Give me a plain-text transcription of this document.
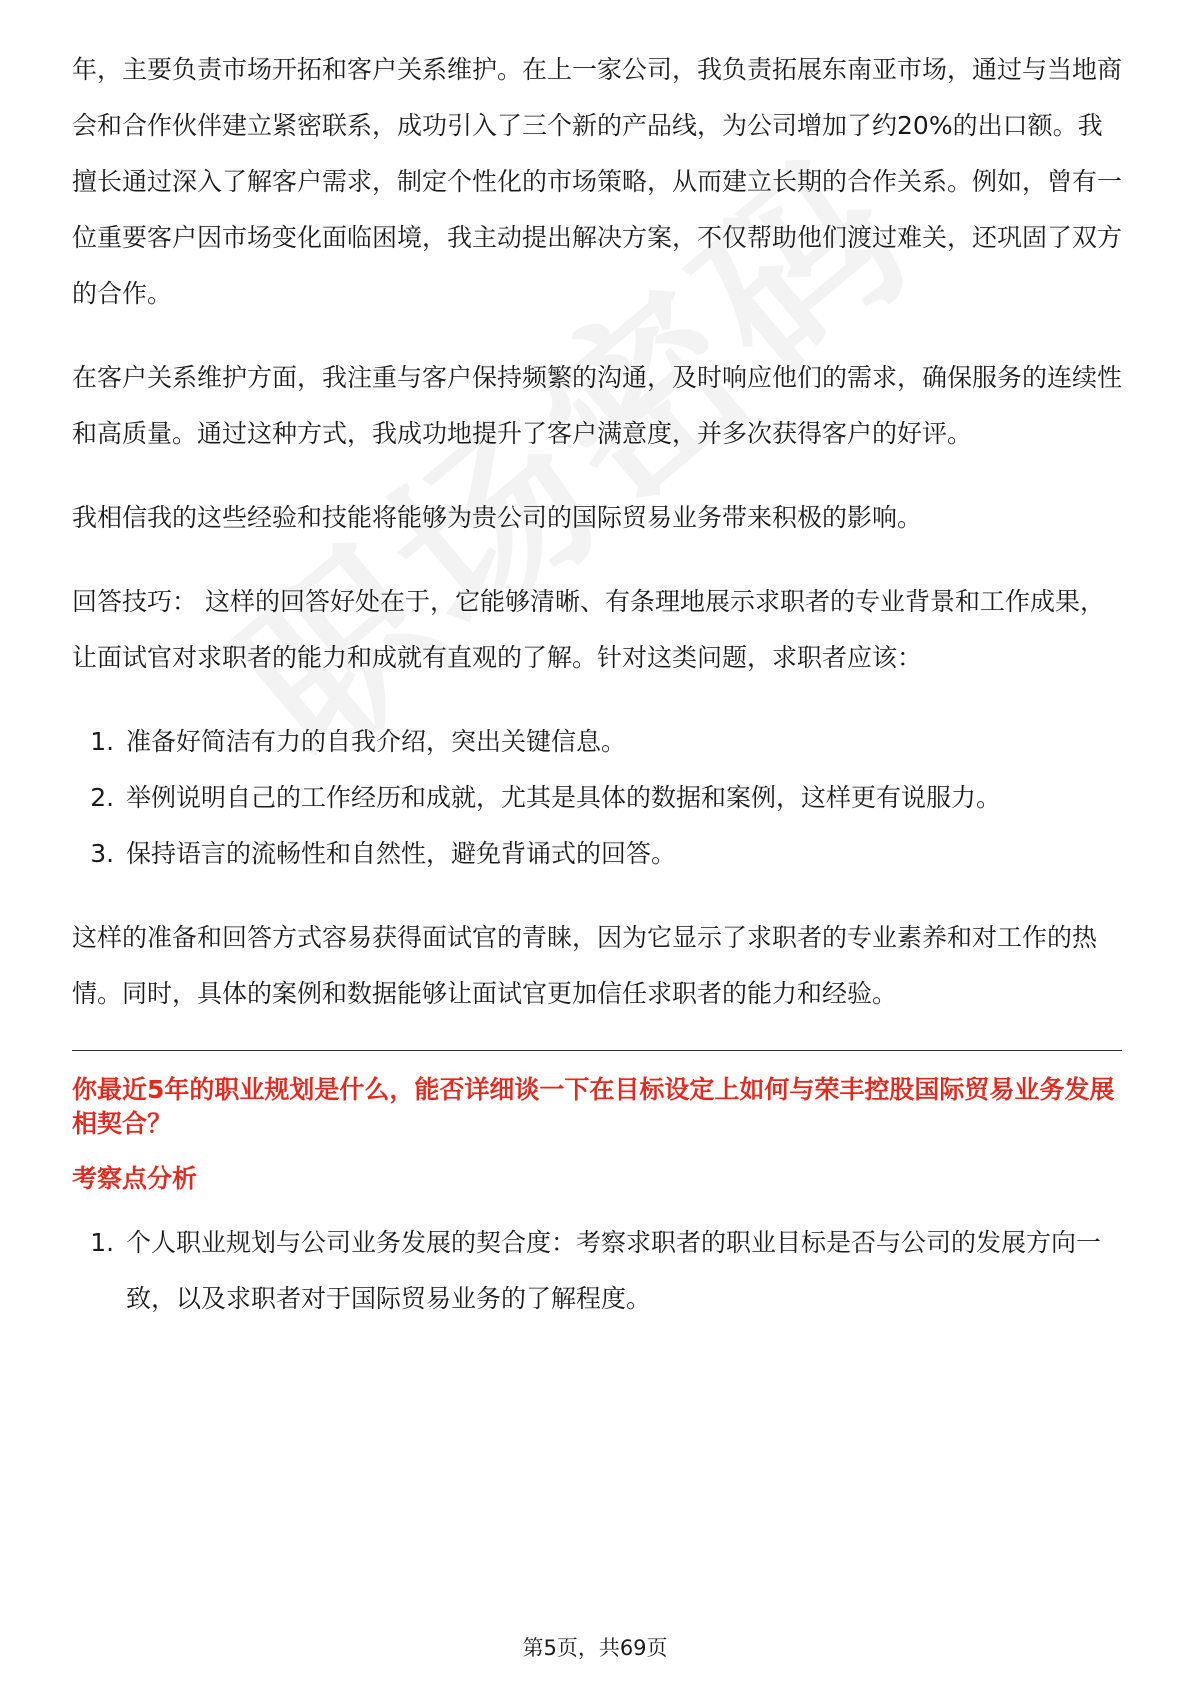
年，主要负责市场开拓和客户关系维护。在上一家公司，我负责拓展东南亚市场，通过与当地商会和合作伙伴建立紧密联系，成功引入了三个新的产品线，为公司增加了约20%的出口额。我擅长通过深入了解客户需求，制定个性化的市场策略，从而建立长期的合作关系。例如，曾有一位重要客户因市场变化面临困境，我主动提出解决方案，不仅帮助他们渡过难关，还巩固了双方的合作。

在客户关系维护方面，我注重与客户保持频繁的沟通，及时响应他们的需求，确保服务的连续性和高质量。通过这种方式，我成功地提升了客户满意度，并多次获得客户的好评。

我相信我的这些经验和技能将能够为贵公司的国际贸易业务带来积极的影响。

回答技巧： 这样的回答好处在于，它能够清晰、有条理地展示求职者的专业背景和工作成果，让面试官对求职者的能力和成就有直观的了解。针对这类问题，求职者应该：

1. 准备好简洁有力的自我介绍，突出关键信息。
2. 举例说明自己的工作经历和成就，尤其是具体的数据和案例，这样更有说服力。
3. 保持语言的流畅性和自然性，避免背诵式的回答。

这样的准备和回答方式容易获得面试官的青睐，因为它显示了求职者的专业素养和对工作的热情。同时，具体的案例和数据能够让面试官更加信任求职者的能力和经验。

你最近5年的职业规划是什么，能否详细谈一下在目标设定上如何与荣丰控股国际贸易业务发展相契合？

考察点分析

1. 个人职业规划与公司业务发展的契合度：考察求职者的职业目标是否与公司的发展方向一致，以及求职者对于国际贸易业务的了解程度。
第5页，共69页
